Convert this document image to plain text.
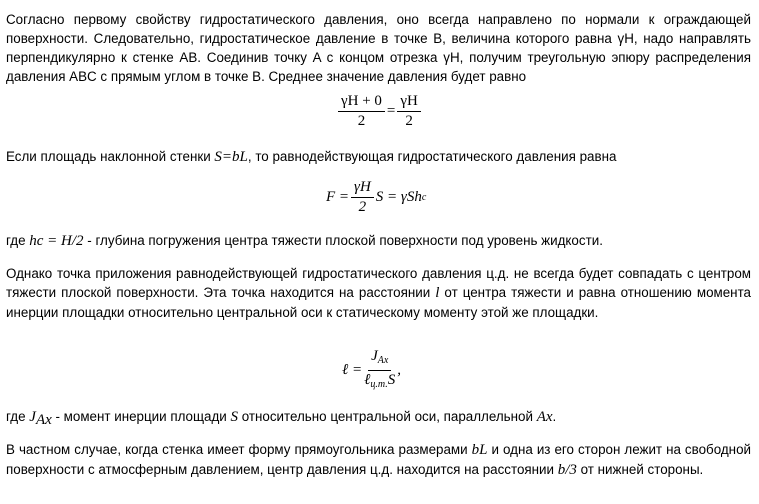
Согласно первому свойству гидростатического давления, оно всегда направлено по нормали к ограждающей поверхности. Следовательно, гидростатическое давление в точке B, величина которого равна γH, надо направлять перпендикулярно к стенке AB. Соединив точку A с концом отрезка γH, получим треугольную эпюру распределения давления ABC с прямым углом в точке B. Среднее значение давления будет равно

$\frac{\gamma H + 0}{2} = \frac{\gamma H}{2}$

Если площадь наклонной стенки S=bL, то равнодействующая гидростатического давления равна

$F = \frac{\gamma H}{2}$ S = γSh c

где hc = H/2 - глубина погружения центра тяжести плоской поверхности под уровень жидкости.

Однако точка приложения равнодействующей гидростатического давления ц.д. не всегда будет совпадать с центром тяжести плоской поверхности. Эта точка находится на расстоянии l от центра тяжести и равна отношению момента инерции площадки относительно центральной оси к статическому моменту этой же площадки.

ℓ = $\frac{J_{Ax}}{\ell_{ц.т.}S}$ ,

где $J_{Ax}$ - момент инерции площади S относительно центральной оси, параллельной Ax.

В частном случае, когда стенка имеет форму прямоугольника размерами bL и одна из его сторон лежит на свободной поверхности с атмосферным давлением, центр давления ц.д. находится на расстоянии b/3 от нижней стороны.
